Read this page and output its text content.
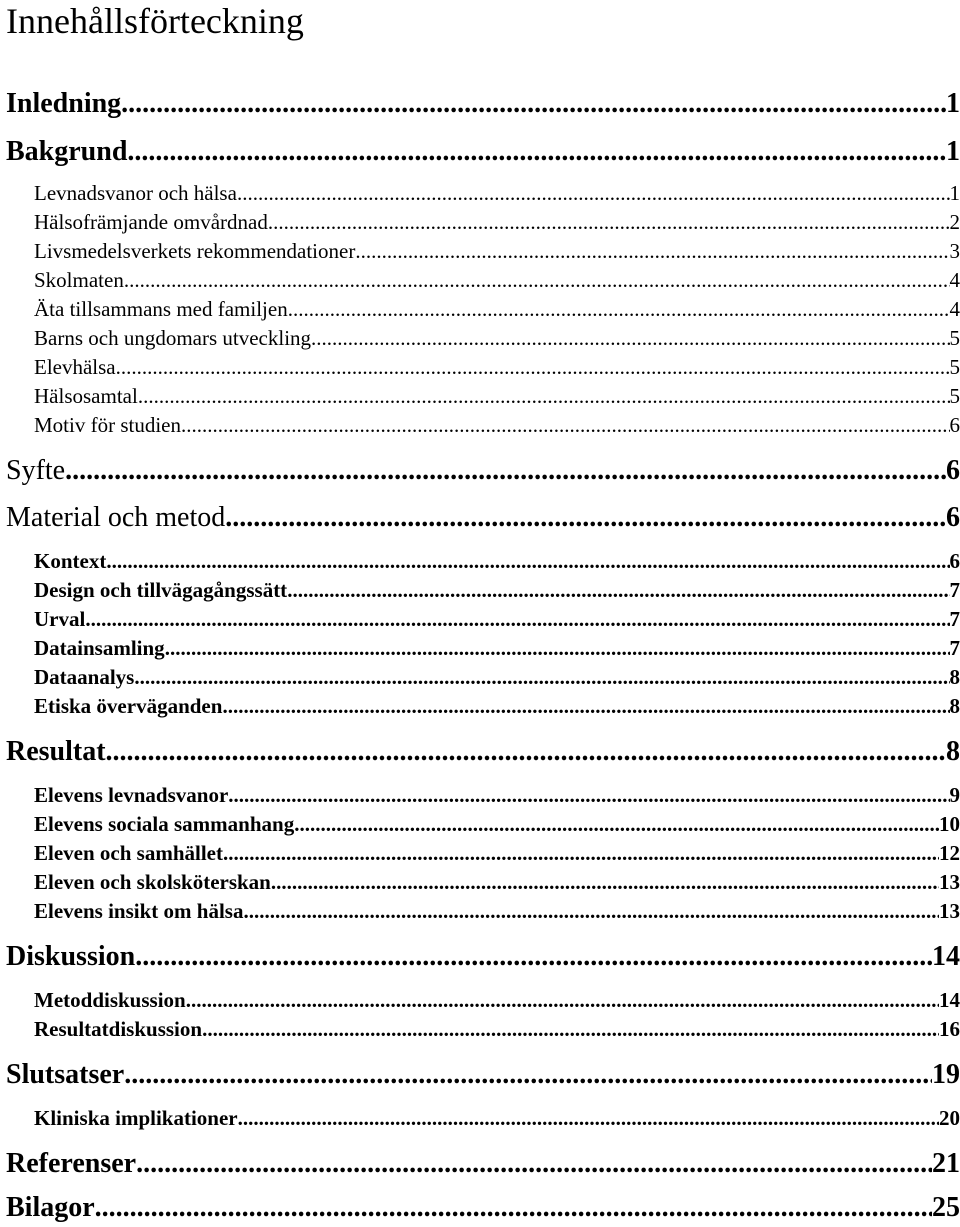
Innehållsförteckning
Inledning .....	1
Bakgrund .....	1
Levnadsvanor och hälsa .....	1
Hälsofrämjande omvårdnad .....	2
Livsmedelsverkets rekommendationer .....	3
Skolmaten .....	4
Äta tillsammans med familjen .....	4
Barns och ungdomars utveckling .....	5
Elevhälsa .....	5
Hälsosamtal .....	5
Motiv för studien .....	6
Syfte .....	6
Material och metod .....	6
Kontext .....	6
Design och tillvägagångssätt .....	7
Urval .....	7
Datainsamling .....	7
Dataanalys .....	8
Etiska överväganden .....	8
Resultat .....	8
Elevens levnadsvanor .....	9
Elevens sociala sammanhang .....	10
Eleven och samhället .....	12
Eleven och skolsköterskan .....	13
Elevens insikt om hälsa .....	13
Diskussion .....	14
Metoddiskussion .....	14
Resultatdiskussion .....	16
Slutsatser .....	19
Kliniska implikationer .....	20
Referenser .....	21
Bilagor .....	25
